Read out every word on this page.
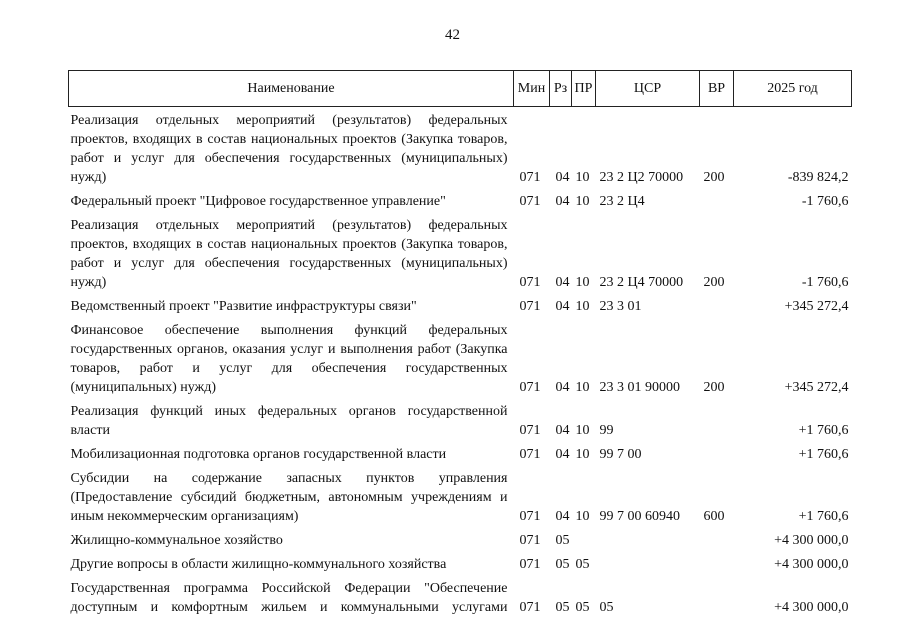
42
Наименование	Мин	Рз	ПР	ЦСР	ВР	2025 год
Реализация отдельных мероприятий (результатов) федеральных проектов, входящих в состав национальных проектов (Закупка товаров, работ и услуг для обеспечения государственных (муниципальных) нужд)	071	04	10	23 2 Ц2 70000	200	-839 824,2
Федеральный проект "Цифровое государственное управление"	071	04	10	23 2 Ц4		-1 760,6
Реализация отдельных мероприятий (результатов) федеральных проектов, входящих в состав национальных проектов (Закупка товаров, работ и услуг для обеспечения государственных (муниципальных) нужд)	071	04	10	23 2 Ц4 70000	200	-1 760,6
Ведомственный проект "Развитие инфраструктуры связи"	071	04	10	23 3 01		+345 272,4
Финансовое обеспечение выполнения функций федеральных государственных органов, оказания услуг и выполнения работ (Закупка товаров, работ и услуг для обеспечения государственных (муниципальных) нужд)	071	04	10	23 3 01 90000	200	+345 272,4
Реализация функций иных федеральных органов государственной власти	071	04	10	99		+1 760,6
Мобилизационная подготовка органов государственной власти	071	04	10	99 7 00		+1 760,6
Субсидии на содержание запасных пунктов управления (Предоставление субсидий бюджетным, автономным учреждениям и иным некоммерческим организациям)	071	04	10	99 7 00 60940	600	+1 760,6
Жилищно-коммунальное хозяйство	071	05				+4 300 000,0
Другие вопросы в области жилищно-коммунального хозяйства	071	05	05			+4 300 000,0
Государственная программа Российской Федерации "Обеспечение доступным и комфортным жильем и коммунальными услугами	071	05	05	05		+4 300 000,0
